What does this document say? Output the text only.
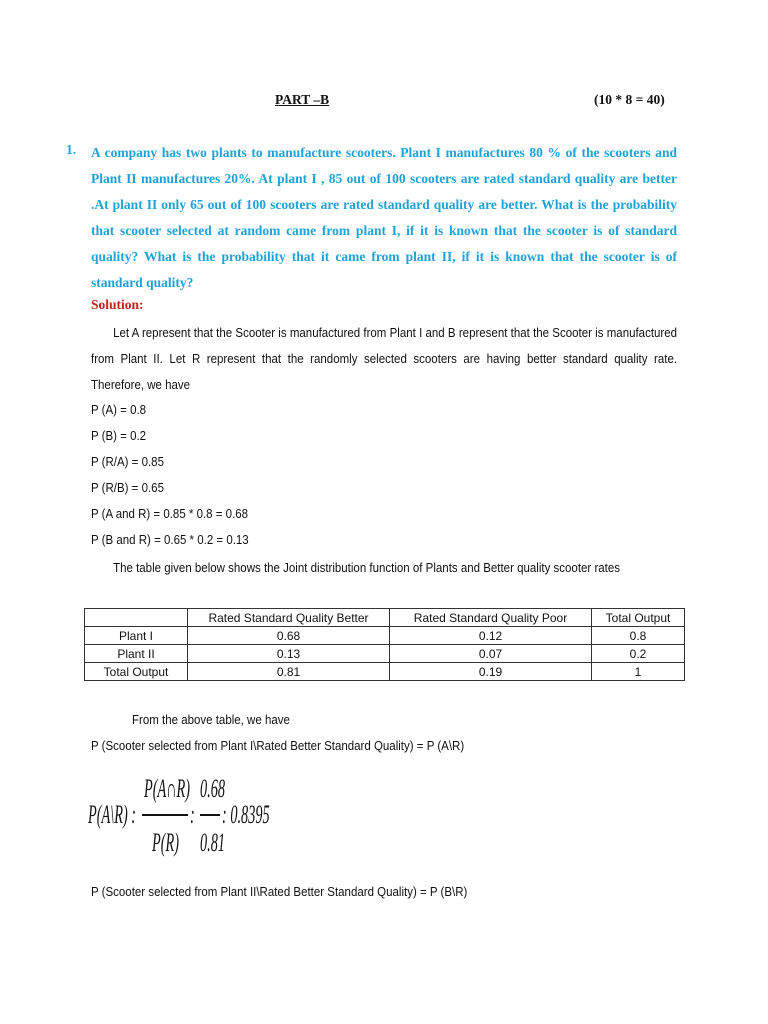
PART –B	(10 * 8 = 40)
1. A company has two plants to manufacture scooters. Plant I manufactures 80 % of the scooters and Plant II manufactures 20%. At plant I , 85 out of 100 scooters are rated standard quality are better .At plant II only 65 out of 100 scooters are rated standard quality are better. What is the probability that scooter selected at random came from plant I, if it is known that the scooter is of standard quality? What is the probability that it came from plant II, if it is known that the scooter is of standard quality?
Solution:
Let A represent that the Scooter is manufactured from Plant I and B represent that the Scooter is manufactured from Plant II. Let R represent that the randomly selected scooters are having better standard quality rate. Therefore, we have
P (A) = 0.8
P (B) = 0.2
P (R/A) = 0.85
P (R/B) = 0.65
P (A and R) = 0.85 * 0.8 = 0.68
P (B and R) = 0.65 * 0.2 = 0.13
The table given below shows the Joint distribution function of Plants and Better quality scooter rates
	Rated Standard Quality Better	Rated Standard Quality Poor	Total Output
Plant I	0.68	0.12	0.8
Plant II	0.13	0.07	0.2
Total Output	0.81	0.19	1
From the above table, we have
P (Scooter selected from Plant I\Rated Better Standard Quality) = P (A\R)
P(A\R) :
P(A∩R)
P(R)
:
0.68
0.81
: 0.8395
P (Scooter selected from Plant II\Rated Better Standard Quality) = P (B\R)
